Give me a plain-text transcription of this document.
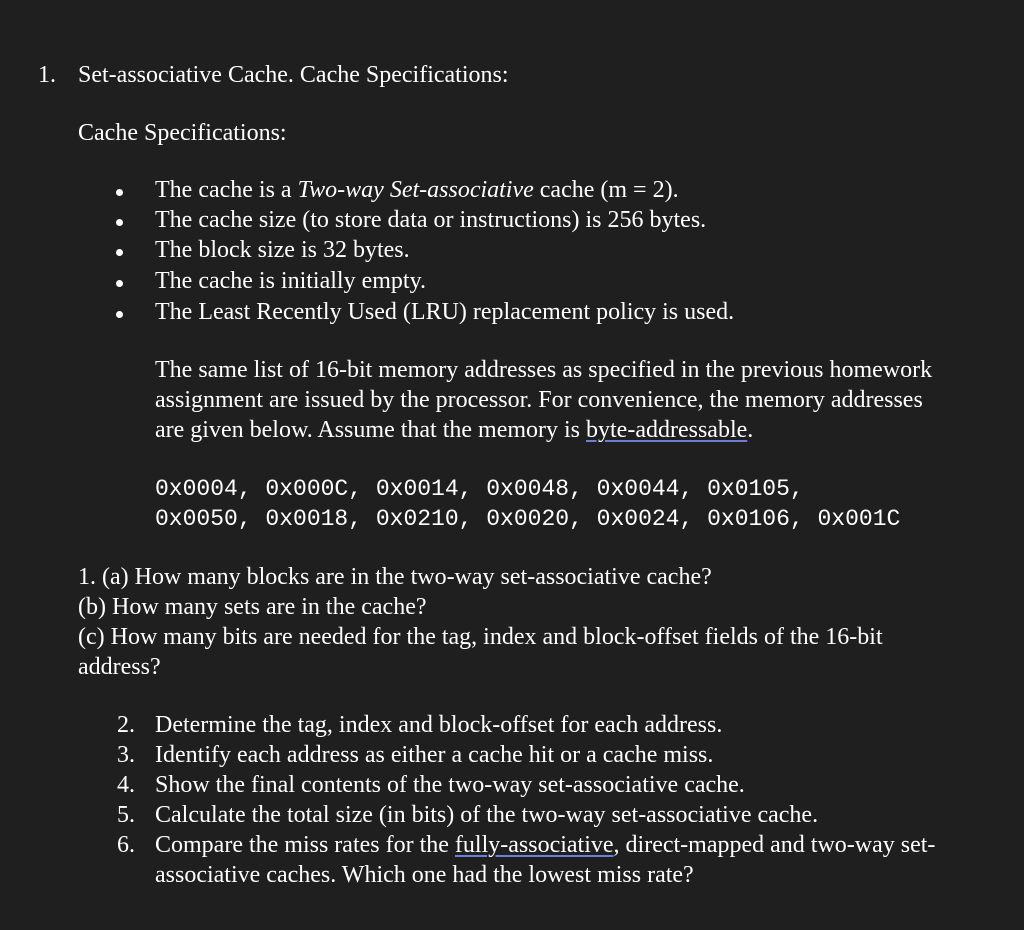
1. Set-associative Cache. Cache Specifications:
Cache Specifications:
The cache is a Two-way Set-associative cache (m = 2).
The cache size (to store data or instructions) is 256 bytes.
The block size is 32 bytes.
The cache is initially empty.
The Least Recently Used (LRU) replacement policy is used.
The same list of 16-bit memory addresses as specified in the previous homework
assignment are issued by the processor. For convenience, the memory addresses
are given below. Assume that the memory is byte-addressable.
0x0004, 0x000C, 0x0014, 0x0048, 0x0044, 0x0105,
0x0050, 0x0018, 0x0210, 0x0020, 0x0024, 0x0106, 0x001C
1. (a) How many blocks are in the two-way set-associative cache?
(b) How many sets are in the cache?
(c) How many bits are needed for the tag, index and block-offset fields of the 16-bit
address?
2. Determine the tag, index and block-offset for each address.
3. Identify each address as either a cache hit or a cache miss.
4. Show the final contents of the two-way set-associative cache.
5. Calculate the total size (in bits) of the two-way set-associative cache.
6. Compare the miss rates for the fully-associative, direct-mapped and two-way set-
associative caches. Which one had the lowest miss rate?
